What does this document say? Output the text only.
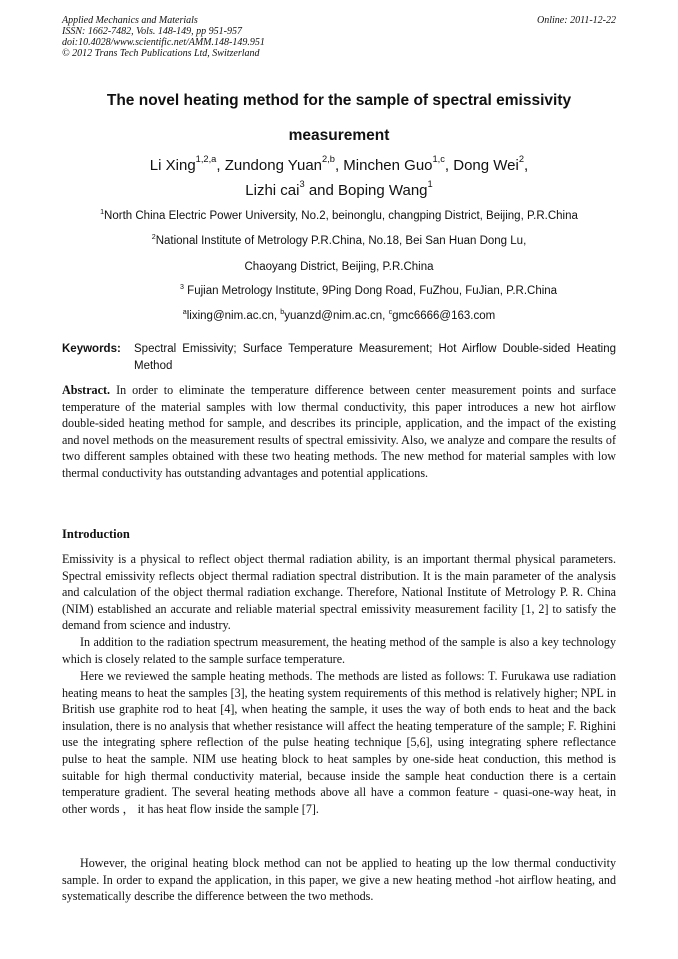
Applied Mechanics and Materials
ISSN: 1662-7482, Vols. 148-149, pp 951-957
doi:10.4028/www.scientific.net/AMM.148-149.951
© 2012 Trans Tech Publications Ltd, Switzerland
Online: 2011-12-22
The novel heating method for the sample of spectral emissivity
measurement
Li Xing$^{1,2,a}$, Zundong Yuan$^{2,b}$, Minchen Guo$^{1,c}$, Dong Wei$^2$,
Lizhi cai$^3$ and Boping Wang$^1$
$^1$North China Electric Power University, No.2, beinonglu, changping District, Beijing, P.R.China
$^2$National Institute of Metrology P.R.China, No.18, Bei San Huan Dong Lu,
Chaoyang District, Beijing, P.R.China
$^3$ Fujian Metrology Institute, 9Ping Dong Road, FuZhou, FuJian, P.R.China
$^a$lixing@nim.ac.cn, $^b$yuanzd@nim.ac.cn, $^c$gmc6666@163.com
Keywords: Spectral Emissivity; Surface Temperature Measurement; Hot Airflow Double-sided Heating Method
Abstract. In order to eliminate the temperature difference between center measurement points and surface temperature of the material samples with low thermal conductivity, this paper introduces a new hot airflow double-sided heating method for sample, and describes its principle, application, and the impact of the existing and novel methods on the measurement results of spectral emissivity. Also, we analyze and compare the results of two different samples obtained with these two heating methods. The new method for material samples with low thermal conductivity has outstanding advantages and potential applications.
Introduction
Emissivity is a physical to reflect object thermal radiation ability, is an important thermal physical parameters. Spectral emissivity reflects object thermal radiation spectral distribution. It is the main parameter of the analysis and calculation of the object thermal radiation exchange. Therefore, National Institute of Metrology P. R. China (NIM) established an accurate and reliable material spectral emissivity measurement facility [1, 2] to satisfy the demand from science and industry.
In addition to the radiation spectrum measurement, the heating method of the sample is also a key technology which is closely related to the sample surface temperature.
Here we reviewed the sample heating methods. The methods are listed as follows: T. Furukawa use radiation heating means to heat the samples [3], the heating system requirements of this method is relatively higher; NPL in British use graphite rod to heat [4], when heating the sample, it uses the way of both ends to heat and the back insulation, there is no analysis that whether resistance will affect the heating temperature of the sample; F. Righini use the integrating sphere reflection of the pulse heating technique [5,6], using integrating sphere reflectance pulse to heat the sample. NIM use heating block to heat samples by one-side heat conduction, this method is suitable for high thermal conductivity material, because inside the sample heat conduction there is a certain temperature gradient. The several heating methods above all have a common feature - quasi-one-way heat, in other words ， it has heat flow inside the sample [7].
However, the original heating block method can not be applied to heating up the low thermal conductivity sample. In order to expand the application, in this paper, we give a new heating method -hot airflow heating, and systematically describe the difference between the two methods.
